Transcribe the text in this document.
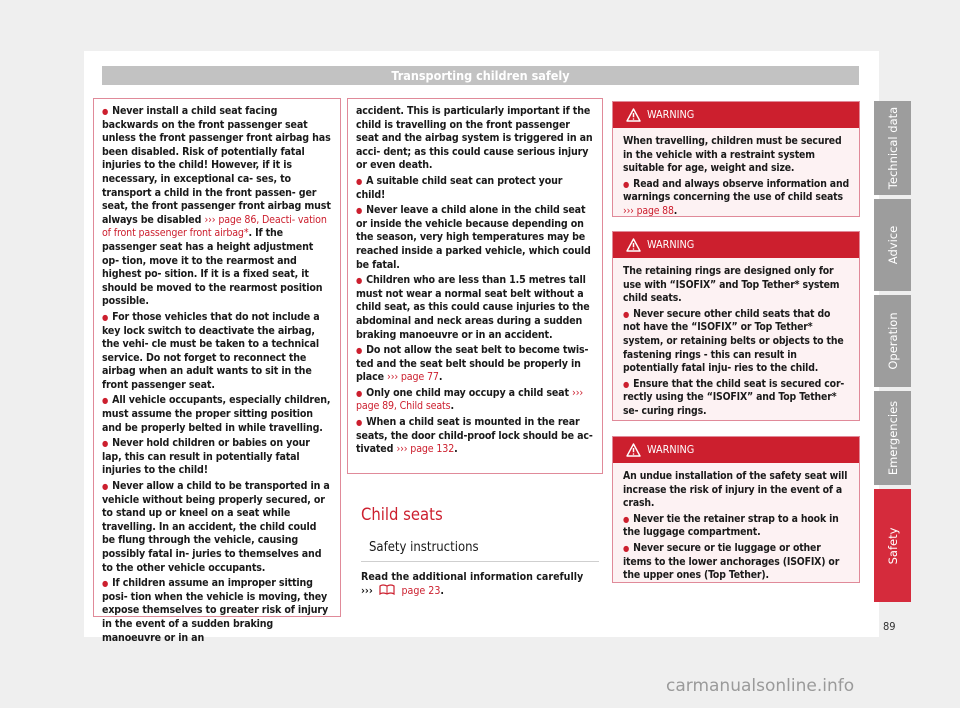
Transporting children safely

● Never install a child seat facing backwards on the front passenger seat unless the front passenger front airbag has been disabled. Risk of potentially fatal injuries to the child! However, if it is necessary, in exceptional ca- ses, to transport a child in the front passen- ger seat, the front passenger front airbag must always be disabled ››› page 86, Deacti- vation of front passenger front airbag*. If the passenger seat has a height adjustment op- tion, move it to the rearmost and highest po- sition. If it is a fixed seat, it should be moved to the rearmost position possible.

● For those vehicles that do not include a key lock switch to deactivate the airbag, the vehi- cle must be taken to a technical service. Do not forget to reconnect the airbag when an adult wants to sit in the front passenger seat.

● All vehicle occupants, especially children, must assume the proper sitting position and be properly belted in while travelling.

● Never hold children or babies on your lap, this can result in potentially fatal injuries to the child!

● Never allow a child to be transported in a vehicle without being properly secured, or to stand up or kneel on a seat while travelling. In an accident, the child could be flung through the vehicle, causing possibly fatal in- juries to themselves and to the other vehicle occupants.

● If children assume an improper sitting posi- tion when the vehicle is moving, they expose themselves to greater risk of injury in the event of a sudden braking manoeuvre or in an

accident. This is particularly important if the child is travelling on the front passenger seat and the airbag system is triggered in an acci- dent; as this could cause serious injury or even death.

● A suitable child seat can protect your child!

● Never leave a child alone in the child seat or inside the vehicle because depending on the season, very high temperatures may be reached inside a parked vehicle, which could be fatal.

● Children who are less than 1.5 metres tall must not wear a normal seat belt without a child seat, as this could cause injuries to the abdominal and neck areas during a sudden braking manoeuvre or in an accident.

● Do not allow the seat belt to become twis- ted and the seat belt should be properly in place ››› page 77.

● Only one child may occupy a child seat ››› page 89, Child seats.

● When a child seat is mounted in the rear seats, the door child-proof lock should be ac- tivated ››› page 132.

Child seats
Safety instructions
Read the additional information carefully
›››	page 23.
WARNING

When travelling, children must be secured in the vehicle with a restraint system suitable for age, weight and size.

● Read and always observe information and warnings concerning the use of child seats ››› page 88.

WARNING

The retaining rings are designed only for use with “ISOFIX” and Top Tether* system child seats.

● Never secure other child seats that do not have the “ISOFIX” or Top Tether* system, or retaining belts or objects to the fastening rings - this can result in potentially fatal inju- ries to the child.

● Ensure that the child seat is secured cor- rectly using the “ISOFIX” and Top Tether* se- curing rings.

WARNING

An undue installation of the safety seat will increase the risk of injury in the event of a crash.

● Never tie the retainer strap to a hook in the luggage compartment.

● Never secure or tie luggage or other items to the lower anchorages (ISOFIX) or the upper ones (Top Tether).

Technical data
Advice
Operation
Emergencies
Safety
89
carmanualsonline.info
